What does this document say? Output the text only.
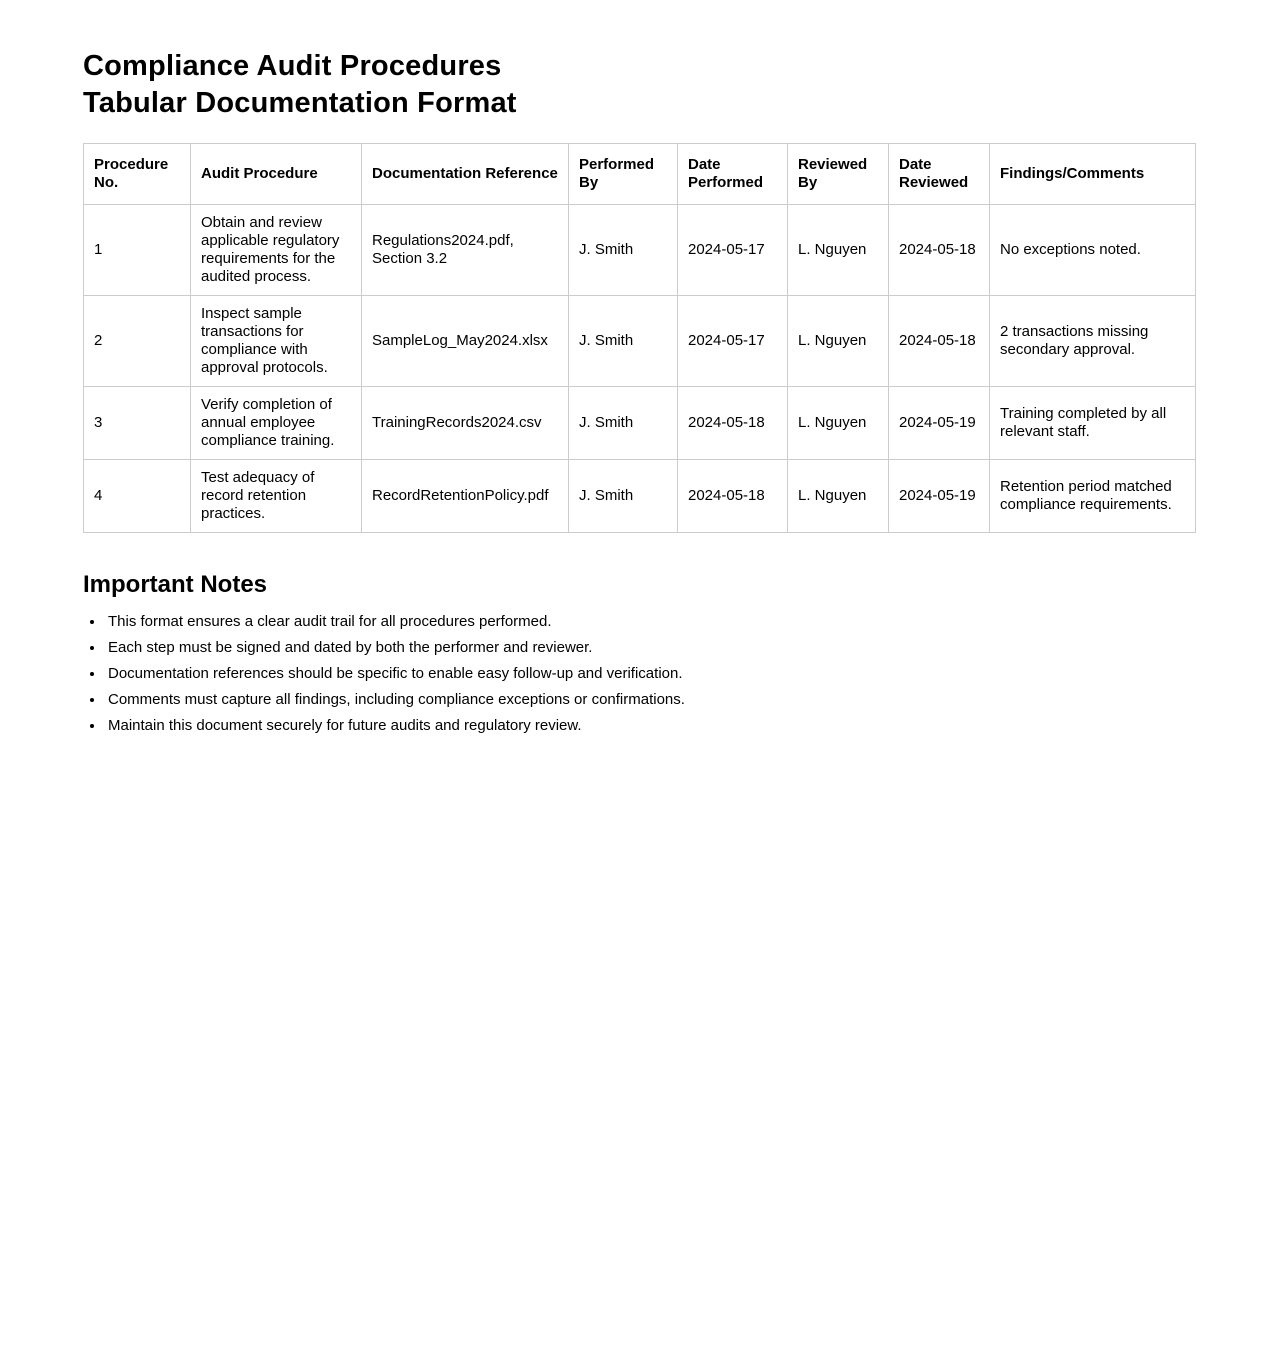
Compliance Audit Procedures
Tabular Documentation Format
Procedure No.	Audit Procedure	Documentation Reference	Performed By	Date Performed	Reviewed By	Date Reviewed	Findings/Comments
1	Obtain and review applicable regulatory requirements for the audited process.	Regulations2024.pdf, Section 3.2	J. Smith	2024-05-17	L. Nguyen	2024-05-18	No exceptions noted.
2	Inspect sample transactions for compliance with approval protocols.	SampleLog_May2024.xlsx	J. Smith	2024-05-17	L. Nguyen	2024-05-18	2 transactions missing secondary approval.
3	Verify completion of annual employee compliance training.	TrainingRecords2024.csv	J. Smith	2024-05-18	L. Nguyen	2024-05-19	Training completed by all relevant staff.
4	Test adequacy of record retention practices.	RecordRetentionPolicy.pdf	J. Smith	2024-05-18	L. Nguyen	2024-05-19	Retention period matched compliance requirements.
Important Notes
• This format ensures a clear audit trail for all procedures performed.
• Each step must be signed and dated by both the performer and reviewer.
• Documentation references should be specific to enable easy follow-up and verification.
• Comments must capture all findings, including compliance exceptions or confirmations.
• Maintain this document securely for future audits and regulatory review.
